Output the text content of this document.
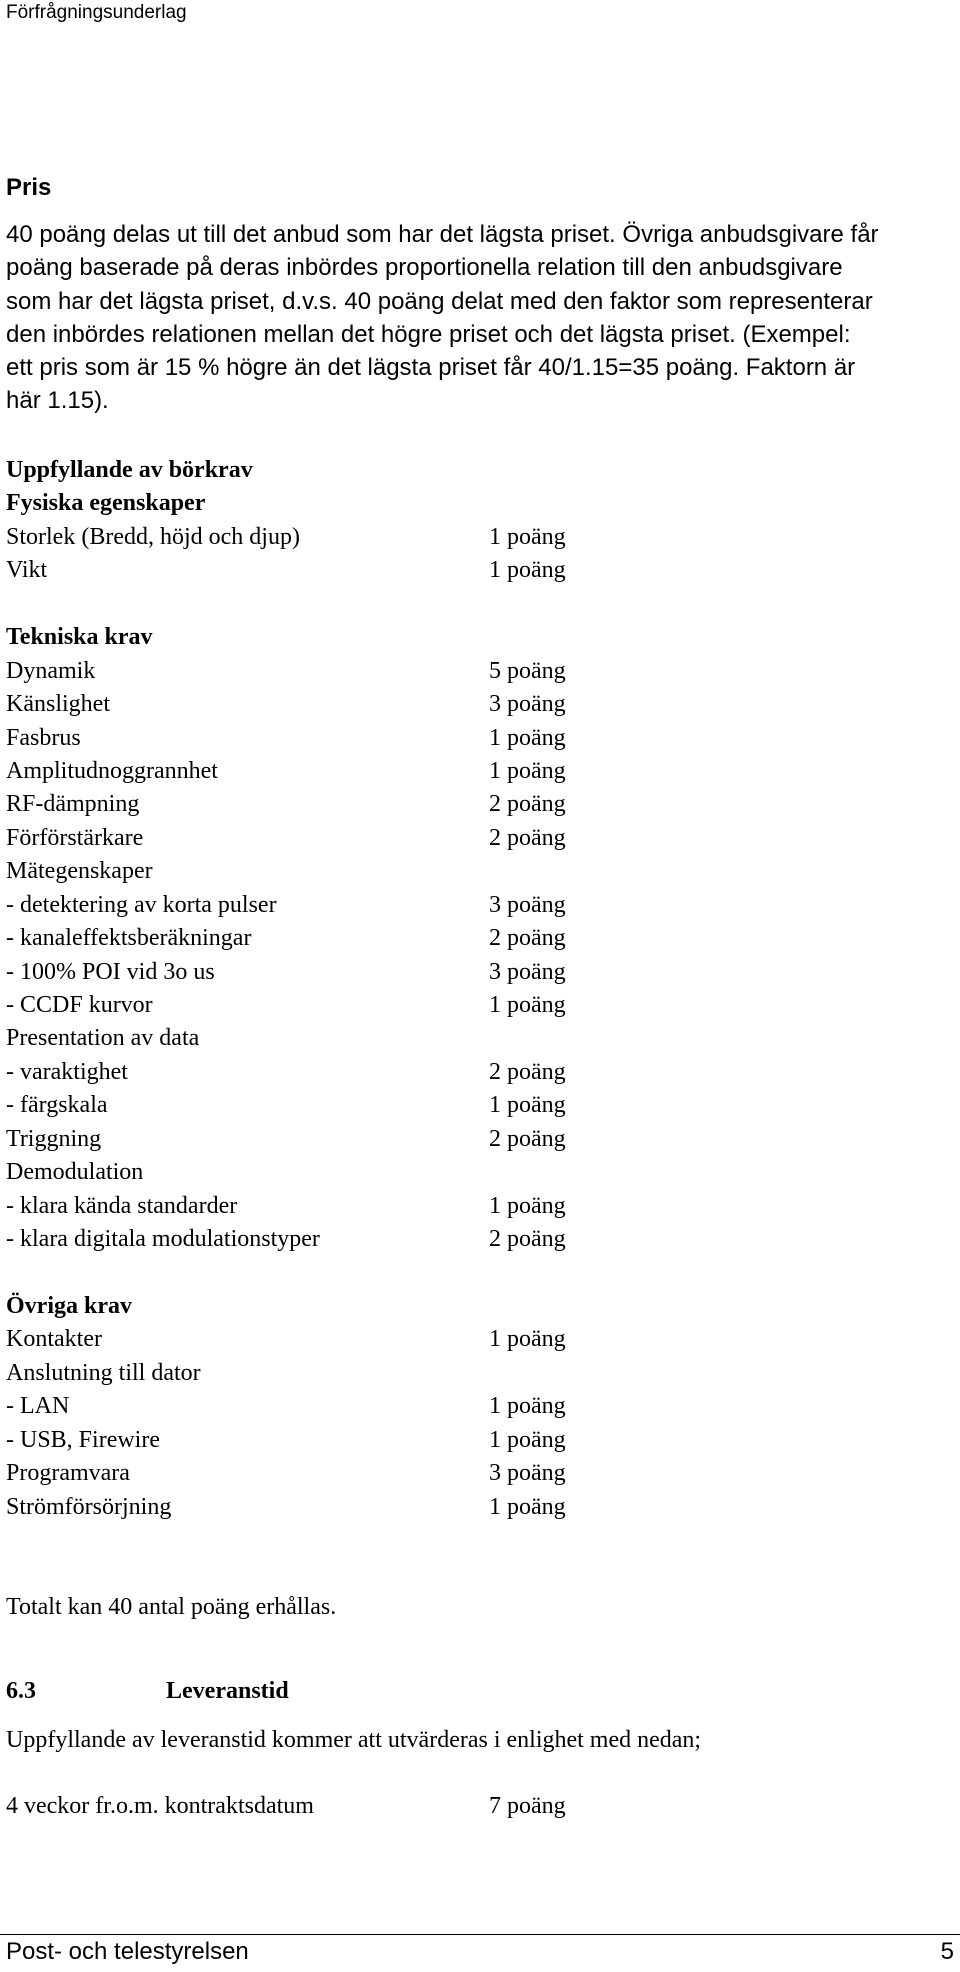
Förfrågningsunderlag
Pris
40 poäng delas ut till det anbud som har det lägsta priset. Övriga anbudsgivare får
poäng baserade på deras inbördes proportionella relation till den anbudsgivare
som har det lägsta priset, d.v.s. 40 poäng delat med den faktor som representerar
den inbördes relationen mellan det högre priset och det lägsta priset. (Exempel:
ett pris som är 15 % högre än det lägsta priset får 40/1.15=35 poäng. Faktorn är
här 1.15).
Uppfyllande av börkrav
Fysiska egenskaper
Storlek (Bredd, höjd och djup)	1 poäng
Vikt	1 poäng
Tekniska krav
Dynamik	5 poäng
Känslighet	3 poäng
Fasbrus	1 poäng
Amplitudnoggrannhet	1 poäng
RF-dämpning	2 poäng
Förförstärkare	2 poäng
Mätegenskaper
- detektering av korta pulser	3 poäng
- kanaleffektsberäkningar	2 poäng
- 100% POI vid 3o us	3 poäng
- CCDF kurvor	1 poäng
Presentation av data
- varaktighet	2 poäng
- färgskala	1 poäng
Triggning	2 poäng
Demodulation
- klara kända standarder	1 poäng
- klara digitala modulationstyper	2 poäng
Övriga krav
Kontakter	1 poäng
Anslutning till dator
- LAN	1 poäng
- USB, Firewire	1 poäng
Programvara	3 poäng
Strömförsörjning	1 poäng
Totalt kan 40 antal poäng erhållas.
6.3	Leveranstid
Uppfyllande av leveranstid kommer att utvärderas i enlighet med nedan;
4 veckor fr.o.m. kontraktsdatum	7 poäng
Post- och telestyrelsen	5
